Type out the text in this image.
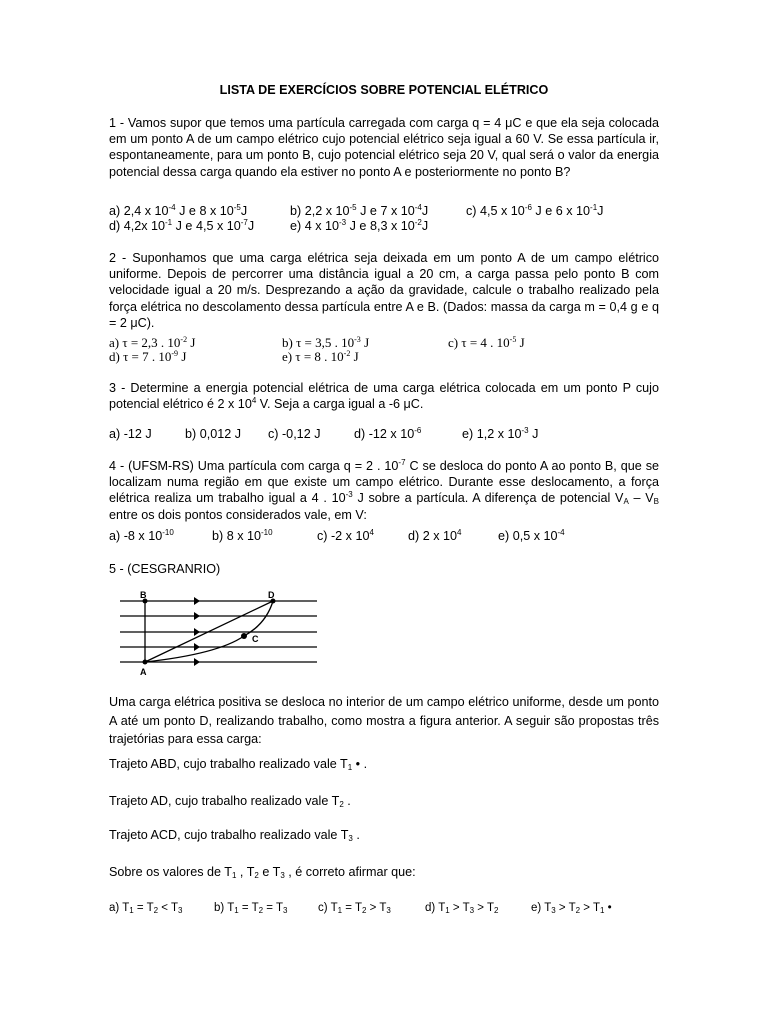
LISTA DE EXERCÍCIOS SOBRE POTENCIAL ELÉTRICO
1 - Vamos supor que temos uma partícula carregada com carga q = 4 μC e que ela seja colocada em um ponto A de um campo elétrico cujo potencial elétrico seja igual a 60 V. Se essa partícula ir, espontaneamente, para um ponto B, cujo potencial elétrico seja 20 V, qual será o valor da energia potencial dessa carga quando ela estiver no ponto A e posteriormente no ponto B?
a) 2,4 x $10^{-4}$ J e 8 x $10^{-5}J$	b) 2,2 x $10^{-5}$ J e 7 x $10^{-4}J$	c) 4,5 x $10^{-6}$ J e 6 x $10^{-1}J$
d) 4,2x $10^{-1}$ J e 4,5 x $10^{-7}J$	e) 4 x $10^{-3}$ J e 8,3 x $10^{-2}J$
2 - Suponhamos que uma carga elétrica seja deixada em um ponto A de um campo elétrico uniforme. Depois de percorrer uma distância igual a 20 cm, a carga passa pelo ponto B com velocidade igual a 20 m/s. Desprezando a ação da gravidade, calcule o trabalho realizado pela força elétrica no descolamento dessa partícula entre A e B. (Dados: massa da carga m = 0,4 g e q = 2 μC).
a) τ = 2,3 . $10^{-2}$ J	b) τ = 3,5 . $10^{-3}$ J	c) τ = 4 . $10^{-5}$ J
d) τ = 7 . $10^{-9}$ J	e) τ = 8 . $10^{-2}$ J
3 - Determine a energia potencial elétrica de uma carga elétrica colocada em um ponto P cujo potencial elétrico é 2 x $10^4$ V. Seja a carga igual a -6 μC.
a) -12 J	b) 0,012 J c) -0,12 J	d) -12 x $10^{-6}$	e) 1,2 x $10^{-3}$ J
4 - (UFSM-RS) Uma partícula com carga q = 2 . $10^{-7}$ C se desloca do ponto A ao ponto B, que se localizam numa região em que existe um campo elétrico. Durante esse deslocamento, a força elétrica realiza um trabalho igual a 4 . $10^{-3}$ J sobre a partícula. A diferença de potencial $V_A - V_B$ entre os dois pontos considerados vale, em V:
a) -8 x $10^{-10}$	b) 8 x $10^{-10}$	c) -2 x $10^4$	d) 2 x $10^4$	e) 0,5 x $10^{-4}$
5 - (CESGRANRIO)
B	D
C
A
Uma carga elétrica positiva se desloca no interior de um campo elétrico uniforme, desde um ponto A até um ponto D, realizando trabalho, como mostra a figura anterior. A seguir são propostas três trajetórias para essa carga:
Trajeto ABD, cujo trabalho realizado vale $T_1$ • .
Trajeto AD, cujo trabalho realizado vale $T_2$ .
Trajeto ACD, cujo trabalho realizado vale $T_3$ .
Sobre os valores de $T_1$ , $T_2$ e $T_3$ , é correto afirmar que:
a) $T_1 = T_2 < T_3$	b) $T_1 = T_2 = T_3$	c) $T_1 = T_2 > T_3$	d) $T_1 > T_3 > T_2$	e) $T_3 > T_2 > T_1$ •
